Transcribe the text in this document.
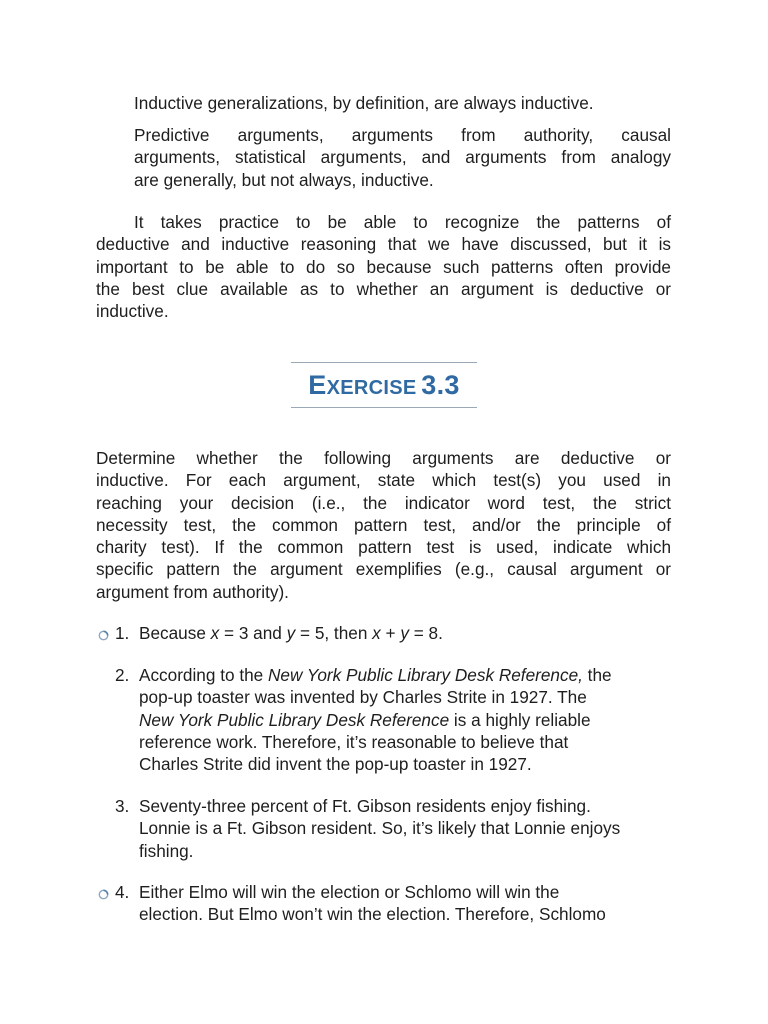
Inductive generalizations, by definition, are always inductive.

Predictive arguments, arguments from authority, causal
arguments, statistical arguments, and arguments from analogy
are generally, but not always, inductive.

It takes practice to be able to recognize the patterns of
deductive and inductive reasoning that we have discussed, but it is
important to be able to do so because such patterns often provide
the best clue available as to whether an argument is deductive or
inductive.

EXERCISE 3.3

Determine whether the following arguments are deductive or
inductive. For each argument, state which test(s) you used in
reaching your decision (i.e., the indicator word test, the strict
necessity test, the common pattern test, and/or the principle of
charity test). If the common pattern test is used, indicate which
specific pattern the argument exemplifies (e.g., causal argument or
argument from authority).

1. Because x = 3 and y = 5, then x + y = 8.
2. According to the New York Public Library Desk Reference, the
pop-up toaster was invented by Charles Strite in 1927. The
New York Public Library Desk Reference is a highly reliable
reference work. Therefore, it’s reasonable to believe that
Charles Strite did invent the pop-up toaster in 1927.
3. Seventy-three percent of Ft. Gibson residents enjoy fishing.
Lonnie is a Ft. Gibson resident. So, it’s likely that Lonnie enjoys
fishing.
4. Either Elmo will win the election or Schlomo will win the
election. But Elmo won’t win the election. Therefore, Schlomo
